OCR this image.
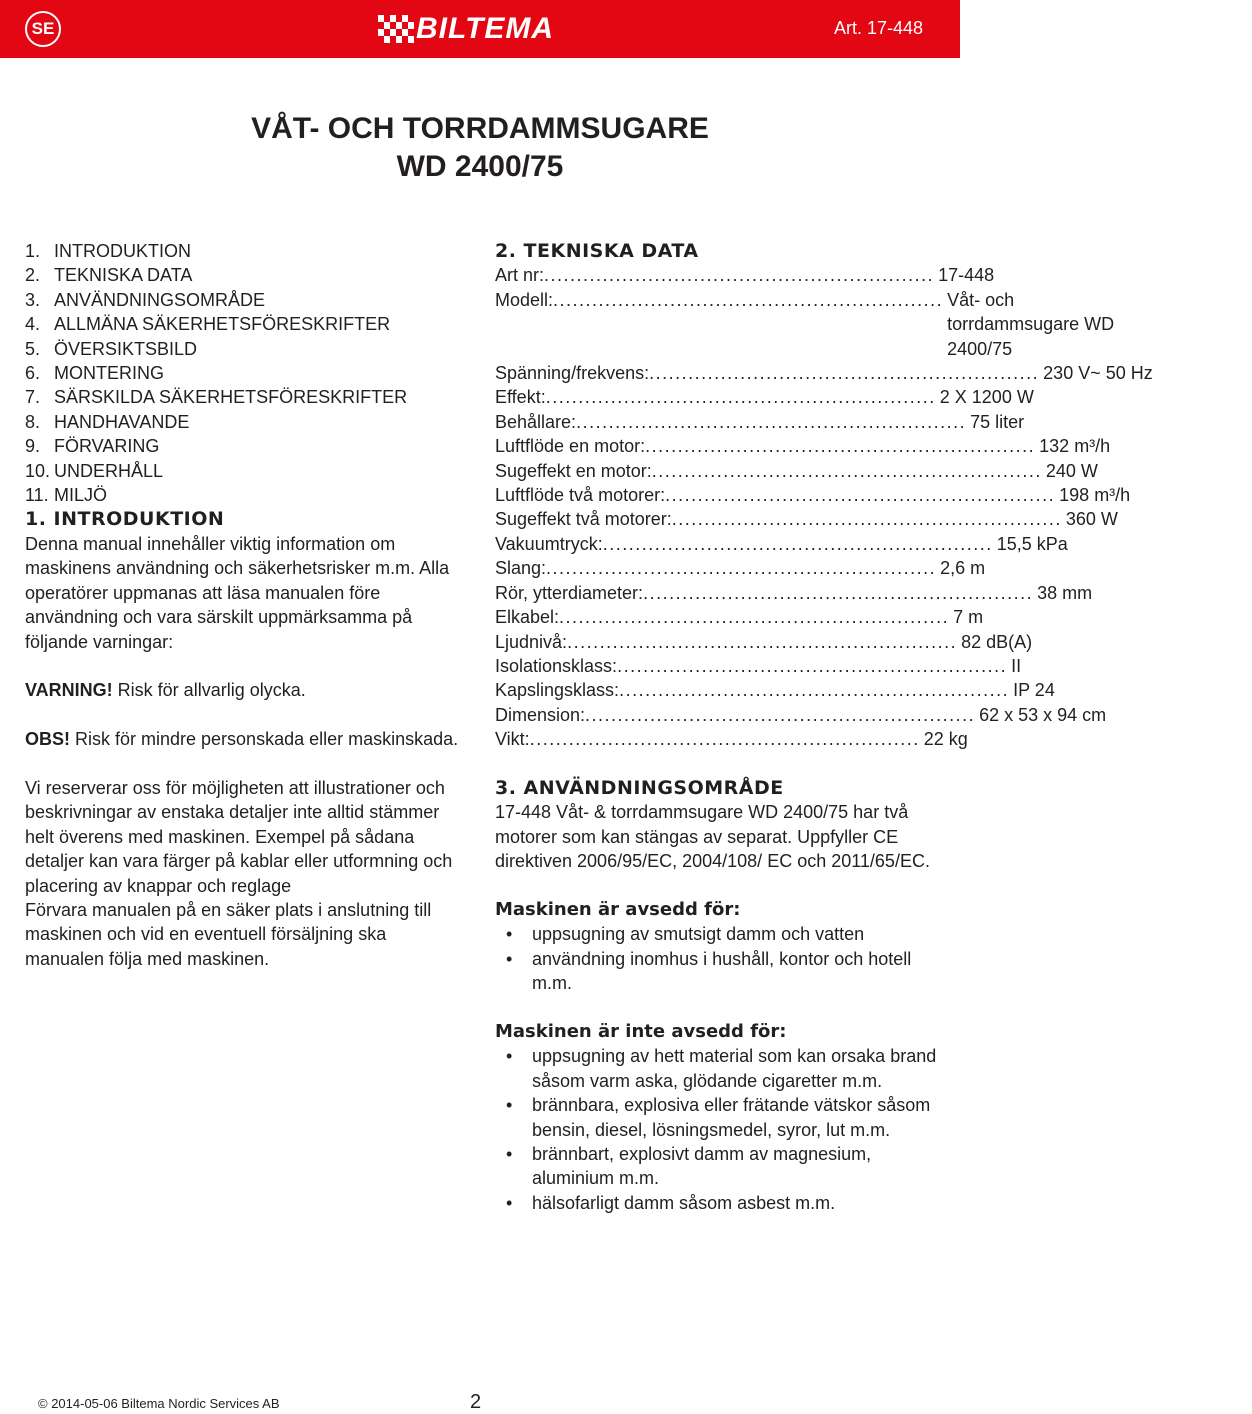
SE	BILTEMA	Art. 17-448
VÅT- OCH TORRDAMMSUGARE
WD 2400/75
1. INTRODUKTION
2. TEKNISKA DATA
3. ANVÄNDNINGSOMRÅDE
4. ALLMÄNA SÄKERHETSFÖRESKRIFTER
5. ÖVERSIKTSBILD
6. MONTERING
7. SÄRSKILDA SÄKERHETSFÖRESKRIFTER
8. HANDHAVANDE
9. FÖRVARING
10. UNDERHÅLL
11. MILJÖ
1. INTRODUKTION

Denna manual innehåller viktig information om maskinens användning och säkerhetsrisker m.m. Alla operatörer uppmanas att läsa manualen före användning och vara särskilt uppmärksamma på följande varningar:

VARNING! Risk för allvarlig olycka.

OBS! Risk för mindre personskada eller maskinskada.

Vi reserverar oss för möjligheten att illustrationer och beskrivningar av enstaka detaljer inte alltid stämmer helt överens med maskinen. Exempel på sådana detaljer kan vara färger på kablar eller utformning och placering av knappar och reglage

Förvara manualen på en säker plats i anslutning till maskinen och vid en eventuell försäljning ska manualen följa med maskinen.

2. TEKNISKA DATA
Art nr: ............................................................ 17-448
Modell: ............................................................ Våt- och torrdammsugare WD 2400/75
Spänning/frekvens: ............................................................ 230 V~ 50 Hz
Effekt: ............................................................ 2 X 1200 W
Behållare: ............................................................ 75 liter
Luftflöde en motor: ............................................................ 132 m³/h
Sugeffekt en motor: ............................................................ 240 W
Luftflöde två motorer: ............................................................ 198 m³/h
Sugeffekt två motorer: ............................................................ 360 W
Vakuumtryck: ............................................................ 15,5 kPa
Slang: ............................................................ 2,6 m
Rör, ytterdiameter: ............................................................ 38 mm
Elkabel: ............................................................ 7 m
Ljudnivå: ............................................................ 82 dB(A)
Isolationsklass: ............................................................ II
Kapslingsklass: ............................................................ IP 24
Dimension: ............................................................ 62 x 53 x 94 cm
Vikt: ............................................................ 22 kg
3. ANVÄNDNINGSOMRÅDE

17-448 Våt- & torrdammsugare WD 2400/75 har två motorer som kan stängas av separat. Uppfyller CE direktiven 2006/95/EC, 2004/108/ EC och 2011/65/EC.

Maskinen är avsedd för:
• uppsugning av smutsigt damm och vatten
• användning inomhus i hushåll, kontor och hotell m.m.
Maskinen är inte avsedd för:
• uppsugning av hett material som kan orsaka brand såsom varm aska, glödande cigaretter m.m.
• brännbara, explosiva eller frätande vätskor såsom bensin, diesel, lösningsmedel, syror, lut m.m.
• brännbart, explosivt damm av magnesium, aluminium m.m.
• hälsofarligt damm såsom asbest m.m.
© 2014-05-06 Biltema Nordic Services AB	2
